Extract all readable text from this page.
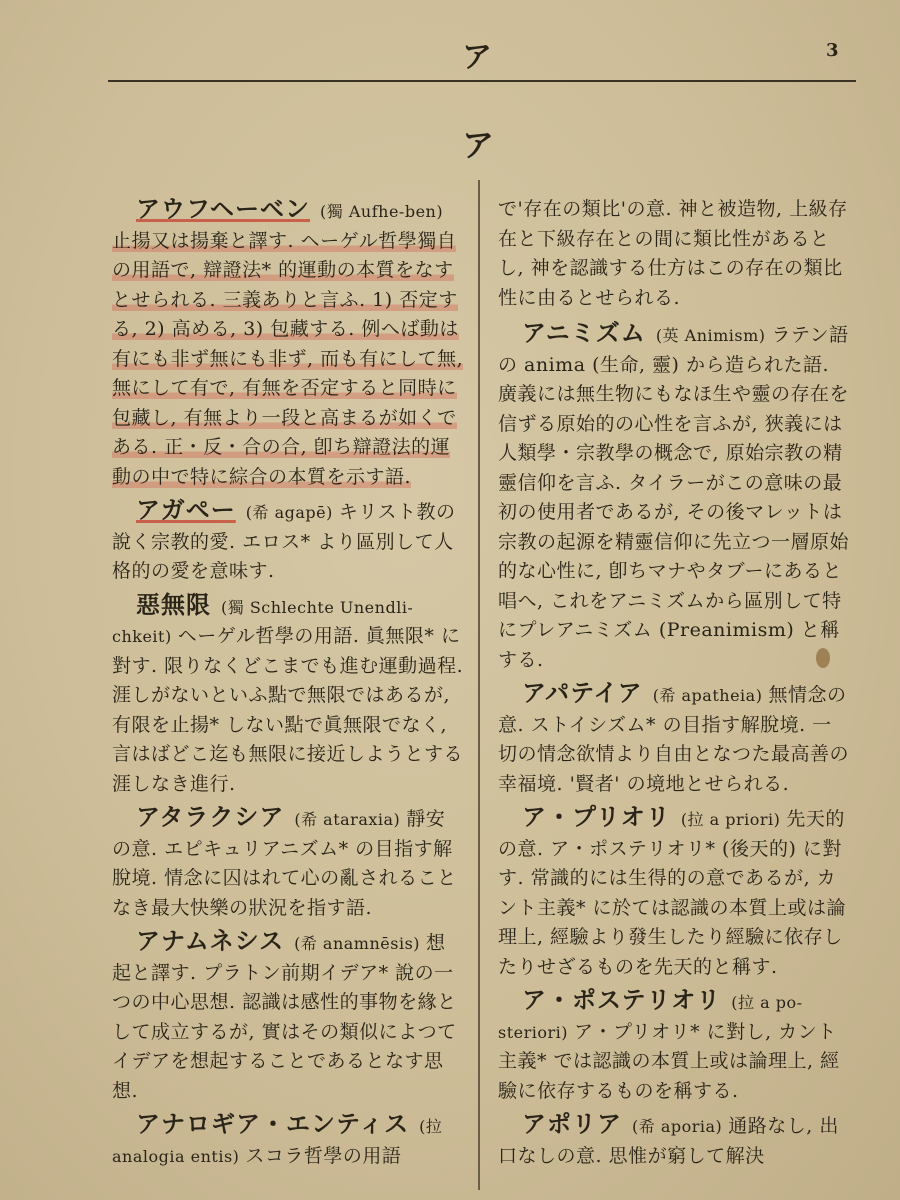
ア	3
ア
アウフヘーベン (獨 Aufhe-ben)止揚又は揚棄と譯す. ヘーゲル哲學獨自の用語で, 辯證法* 的運動の本質をなすとせられる. 三義ありと言ふ. 1) 否定する, 2) 高める, 3) 包藏する. 例へば動は有にも非ず無にも非ず, 而も有にして無, 無にして有で, 有無を否定すると同時に包藏し, 有無より一段と高まるが如くである. 正・反・合の合, 卽ち辯證法的運動の中で特に綜合の本質を示す語.
アガペー (希 agapē) キリスト教の說く宗教的愛. エロス* より區別して人格的の愛を意味す.
惡無限 (獨 Schlechte Unendli-chkeit) ヘーゲル哲學の用語. 眞無限* に對す. 限りなくどこまでも進む運動過程. 涯しがないといふ點で無限ではあるが, 有限を止揚* しない點で眞無限でなく, 言はばどこ迄も無限に接近しようとする涯しなき進行.
アタラクシア (希 ataraxia) 靜安の意. エピキュリアニズム* の目指す解脫境. 情念に囚はれて心の亂されることなき最大快樂の狀況を指す語.
アナムネシス (希 anamnēsis) 想起と譯す. プラトン前期イデア* 說の一つの中心思想. 認識は感性的事物を緣として成立するが, 實はその類似によつてイデアを想起することであるとなす思想.
アナロギア・エンティス (拉 analogia entis) スコラ哲學の用語
で'存在の類比'の意. 神と被造物, 上級存在と下級存在との間に類比性があるとし, 神を認識する仕方はこの存在の類比性に由るとせられる.
アニミズム (英 Animism) ラテン語の anima (生命, 靈) から造られた語. 廣義には無生物にもなほ生や靈の存在を信ずる原始的の心性を言ふが, 狹義には人類學・宗教學の概念で, 原始宗教の精靈信仰を言ふ. タイラーがこの意味の最初の使用者であるが, その後マレットは宗教の起源を精靈信仰に先立つ一層原始的な心性に, 卽ちマナやタブーにあると唱へ, これをアニミズムから區別して特にプレアニミズム (Preanimism) と稱する.
アパテイア (希 apatheia) 無情念の意. ストイシズム* の目指す解脫境. 一切の情念欲情より自由となつた最高善の幸福境. '賢者' の境地とせられる.
ア・プリオリ (拉 a priori) 先天的の意. ア・ポステリオリ* (後天的) に對す. 常識的には生得的の意であるが, カント主義* に於ては認識の本質上或は論理上, 經驗より發生したり經驗に依存したりせざるものを先天的と稱す.
ア・ポステリオリ (拉 a po-steriori) ア・プリオリ* に對し, カント主義* では認識の本質上或は論理上, 經驗に依存するものを稱する.
アポリア (希 aporia) 通路なし, 出口なしの意. 思惟が窮して解決
